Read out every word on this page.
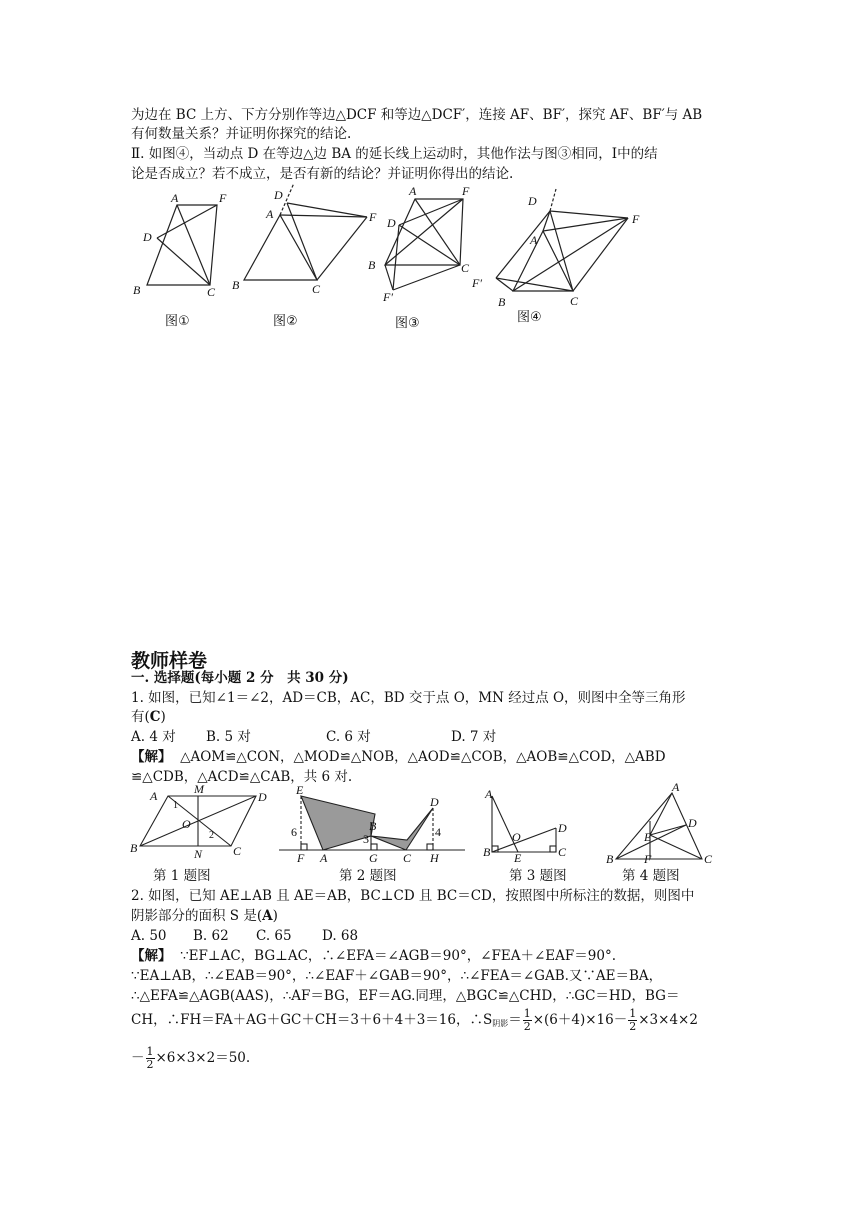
为边在 BC 上方、下方分别作等边△DCF 和等边△DCF′，连接 AF、BF′，探究 AF、BF′与 AB
有何数量关系？并证明你探究的结论.
Ⅱ. 如图④，当动点 D 在等边△边 BA 的延长线上运动时，其他作法与图③相同，Ⅰ中的结
论是否成立？若不成立，是否有新的结论？并证明你得出的结论.
A	F
D
B	C
图①
D
A	F
B	C
图②
A	F
D
B	C
F′
图③
D
A
F
F′
B	C
图④
教师样卷
一. 选择题(每小题 2 分　共 30 分)
1. 如图，已知∠1＝∠2，AD＝CB，AC，BD 交于点 O，MN 经过点 O，则图中全等三角形
有(C)
A. 4 对 B. 5 对	C. 6 对	D. 7 对
【解】 △AOM≌△CON，△MOD≌△NOB，△AOD≌△COB，△AOB≌△COD，△ABD
≌△CDB，△ACD≌△CAB，共 6 对.
A	M
D
O
1
2
B	N	C
E
B
D
6	3	4
F A	G C H
A
O
D
B E	C
A
D
E
F
B	C
第 1 题图	第 2 题图	第 3 题图	第 4 题图
2. 如图，已知 AE⊥AB 且 AE＝AB，BC⊥CD 且 BC＝CD，按照图中所标注的数据，则图中
阴影部分的面积 S 是(A)
A. 50 B. 62 C. 65 D. 68
【解】 ∵EF⊥AC，BG⊥AC，∴∠EFA＝∠AGB＝90°，∠FEA＋∠EAF＝90°.
∵EA⊥AB，∴∠EAB＝90°，∴∠EAF＋∠GAB＝90°，∴∠FEA＝∠GAB.又∵AE＝BA，
∴△EFA≌△AGB(AAS)，∴AF＝BG，EF＝AG.同理，△BGC≌△CHD，∴GC＝HD，BG＝
CH，∴FH＝FA＋AG＋GC＋CH＝3＋6＋4＋3＝16，$\therefore S_{阴影}= \frac{1}{2} \times(6+4)\times 16- \frac{1}{2} \times 3\times 4\times 2$
－ $\frac{1}{2} \times 6\times 3\times 2=50$.
